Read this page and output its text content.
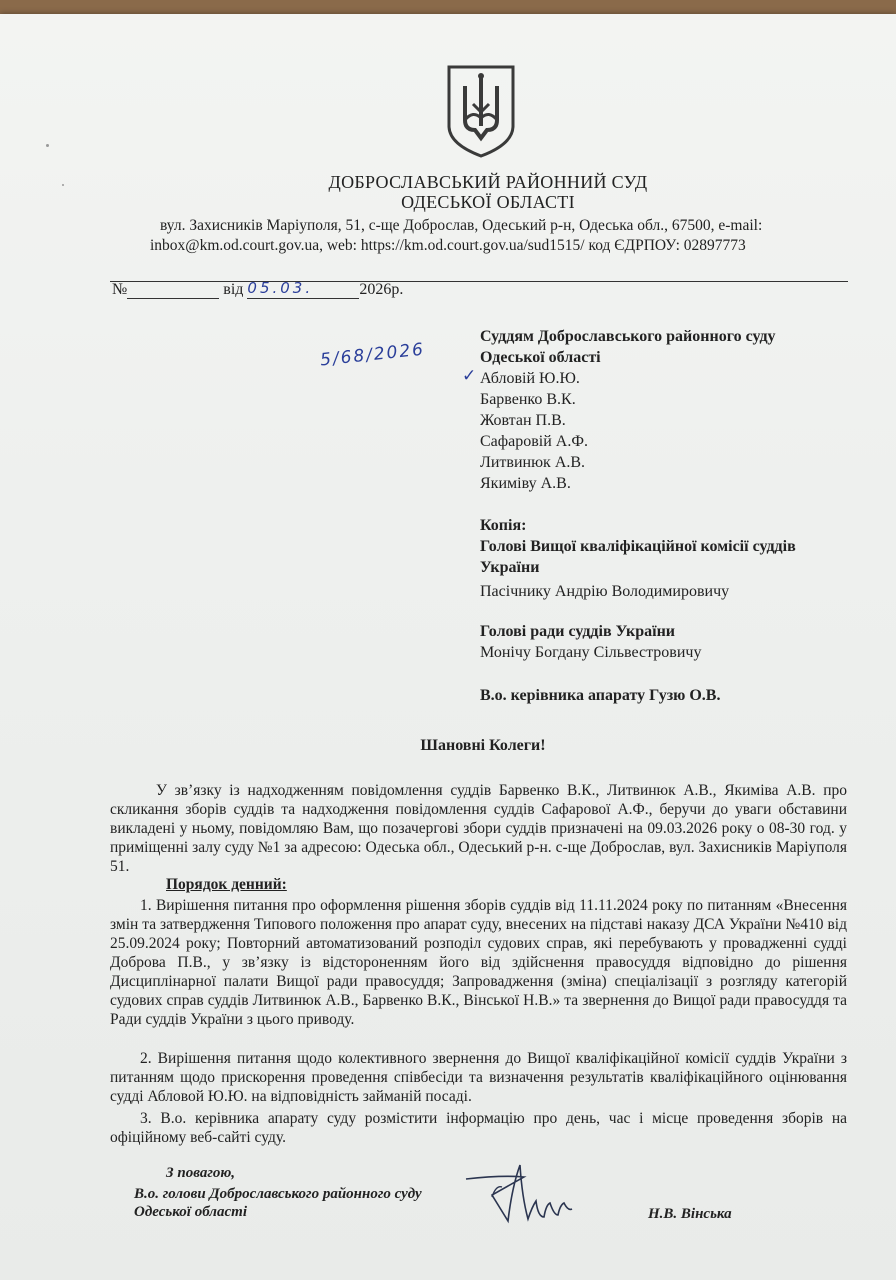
ДОБРОСЛАВСЬКИЙ РАЙОННИЙ СУД
ОДЕСЬКОЇ ОБЛАСТІ
вул. Захисників Маріуполя, 51, с-ще Доброслав, Одеський р-н, Одеська обл., 67500, e-mail:
inbox@km.od.court.gov.ua, web: https://km.od.court.gov.ua/sud1515/ код ЄДРПОУ: 02897773
№	від 05.03.	2026р.
5/68/2026
✓
Суддям Доброславського районного суду
Одеської області
Абловій Ю.Ю.
Барвенко В.К.
Жовтан П.В.
Сафаровій А.Ф.
Литвинюк А.В.
Якиміву А.В.
Копія:
Голові Вищої кваліфікаційної комісії суддів
України
Пасічнику Андрію Володимировичу
Голові ради суддів України
Монічу Богдану Сільвестровичу
В.о. керівника апарату Гузю О.В.
Шановні Колеги!
У зв’язку із надходженням повідомлення суддів Барвенко В.К., Литвинюк А.В., Якиміва А.В. про скликання зборів суддів та надходження повідомлення суддів Сафарової А.Ф., беручи до уваги обставини викладені у ньому, повідомляю Вам, що позачергові збори суддів призначені на 09.03.2026 року о 08-30 год. у приміщенні залу суду №1 за адресою: Одеська обл., Одеський р-н. с-ще Доброслав, вул. Захисників Маріуполя 51.
Порядок денний:
1. Вирішення питання про оформлення рішення зборів суддів від 11.11.2024 року по питанням «Внесення змін та затвердження Типового положення про апарат суду, внесених на підставі наказу ДСА України №410 від 25.09.2024 року; Повторний автоматизований розподіл судових справ, які перебувають у провадженні судді Доброва П.В., у зв’язку із відстороненням його від здійснення правосуддя відповідно до рішення Дисциплінарної палати Вищої ради правосуддя; Запровадження (зміна) спеціалізації з розгляду категорій судових справ суддів Литвинюк А.В., Барвенко В.К., Вінської Н.В.» та звернення до Вищої ради правосуддя та Ради суддів України з цього приводу.
2. Вирішення питання щодо колективного звернення до Вищої кваліфікаційної комісії суддів України з питанням щодо прискорення проведення співбесіди та визначення результатів кваліфікаційного оцінювання судді Абловой Ю.Ю. на відповідність займаній посаді.
3. В.о. керівника апарату суду розмістити інформацію про день, час і місце проведення зборів на офіційному веб-сайті суду.
З повагою,
В.о. голови Доброславського районного суду
Одеської області	Н.В. Вінська
